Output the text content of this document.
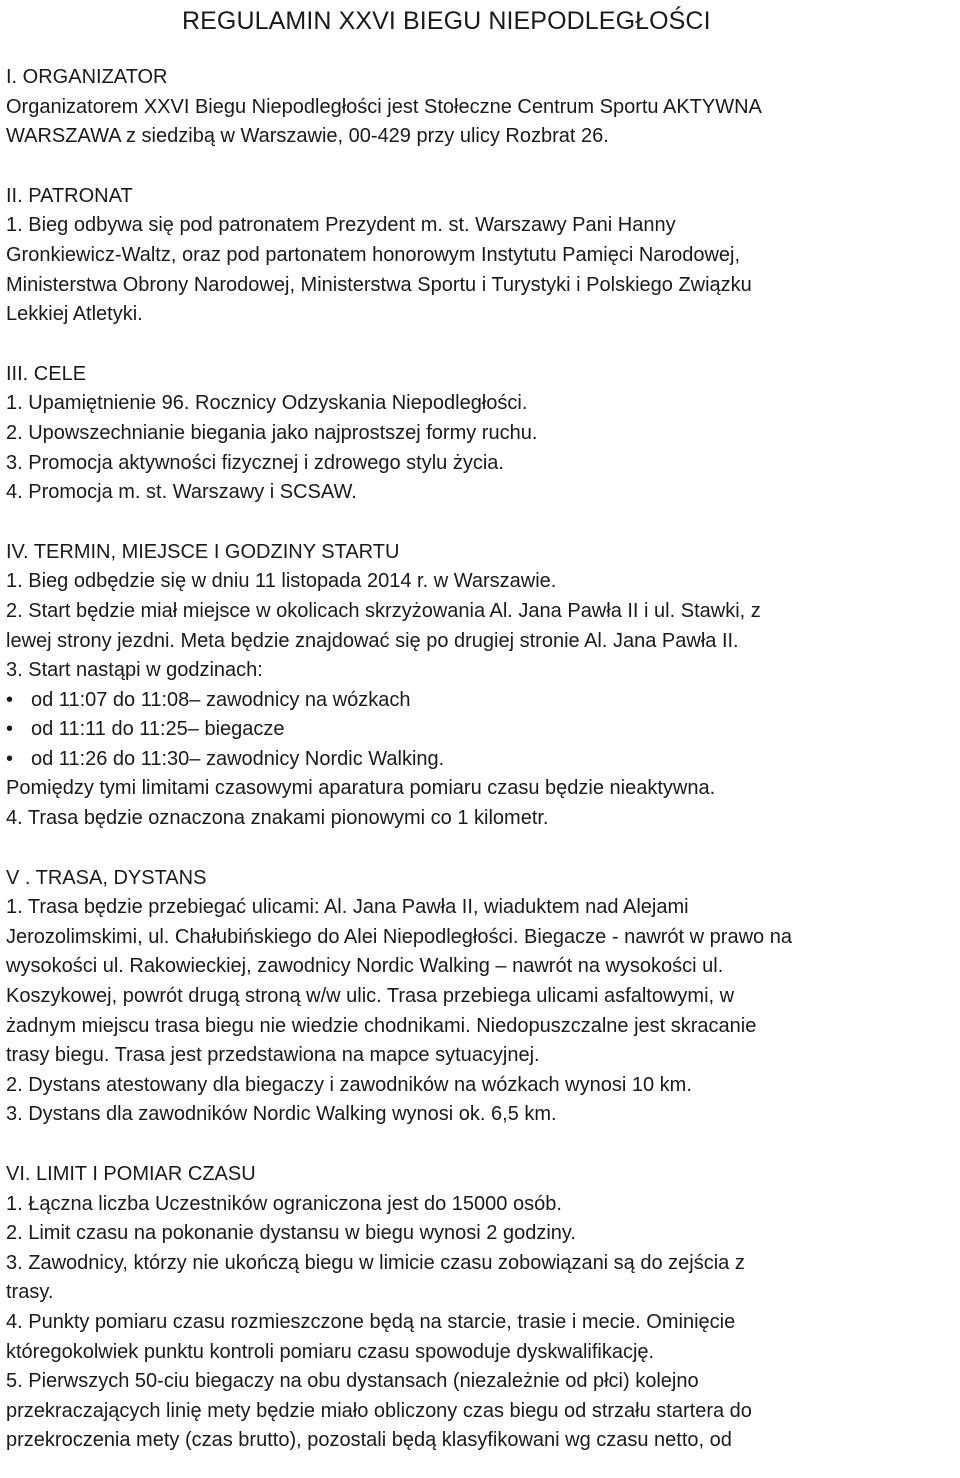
REGULAMIN XXVI BIEGU NIEPODLEGŁOŚCI

I. ORGANIZATOR

Organizatorem XXVI Biegu Niepodległości jest Stołeczne Centrum Sportu AKTYWNA

WARSZAWA z siedzibą w Warszawie, 00-429 przy ulicy Rozbrat 26.

II. PATRONAT

1. Bieg odbywa się pod patronatem Prezydent m. st. Warszawy Pani Hanny

Gronkiewicz-Waltz, oraz pod partonatem honorowym Instytutu Pamięci Narodowej,

Ministerstwa Obrony Narodowej, Ministerstwa Sportu i Turystyki i Polskiego Związku

Lekkiej Atletyki.

III. CELE

1. Upamiętnienie 96. Rocznicy Odzyskania Niepodległości.

2. Upowszechnianie biegania jako najprostszej formy ruchu.

3. Promocja aktywności fizycznej i zdrowego stylu życia.

4. Promocja m. st. Warszawy i SCSAW.

IV. TERMIN, MIEJSCE I GODZINY STARTU

1. Bieg odbędzie się w dniu 11 listopada 2014 r. w Warszawie.

2. Start będzie miał miejsce w okolicach skrzyżowania Al. Jana Pawła II i ul. Stawki, z

lewej strony jezdni. Meta będzie znajdować się po drugiej stronie Al. Jana Pawła II.

3. Start nastąpi w godzinach:

• od 11:07 do 11:08– zawodnicy na wózkach

• od 11:11 do 11:25– biegacze

• od 11:26 do 11:30– zawodnicy Nordic Walking.

Pomiędzy tymi limitami czasowymi aparatura pomiaru czasu będzie nieaktywna.

4. Trasa będzie oznaczona znakami pionowymi co 1 kilometr.

V . TRASA, DYSTANS

1. Trasa będzie przebiegać ulicami: Al. Jana Pawła II, wiaduktem nad Alejami

Jerozolimskimi, ul. Chałubińskiego do Alei Niepodległości. Biegacze - nawrót w prawo na

wysokości ul. Rakowieckiej, zawodnicy Nordic Walking – nawrót na wysokości ul.

Koszykowej, powrót drugą stroną w/w ulic. Trasa przebiega ulicami asfaltowymi, w

żadnym miejscu trasa biegu nie wiedzie chodnikami. Niedopuszczalne jest skracanie

trasy biegu. Trasa jest przedstawiona na mapce sytuacyjnej.

2. Dystans atestowany dla biegaczy i zawodników na wózkach wynosi 10 km.

3. Dystans dla zawodników Nordic Walking wynosi ok. 6,5 km.

VI. LIMIT I POMIAR CZASU

1. Łączna liczba Uczestników ograniczona jest do 15000 osób.

2. Limit czasu na pokonanie dystansu w biegu wynosi 2 godziny.

3. Zawodnicy, którzy nie ukończą biegu w limicie czasu zobowiązani są do zejścia z

trasy.

4. Punkty pomiaru czasu rozmieszczone będą na starcie, trasie i mecie. Ominięcie

któregokolwiek punktu kontroli pomiaru czasu spowoduje dyskwalifikację.

5. Pierwszych 50-ciu biegaczy na obu dystansach (niezależnie od płci) kolejno

przekraczających linię mety będzie miało obliczony czas biegu od strzału startera do

przekroczenia mety (czas brutto), pozostali będą klasyfikowani wg czasu netto, od
